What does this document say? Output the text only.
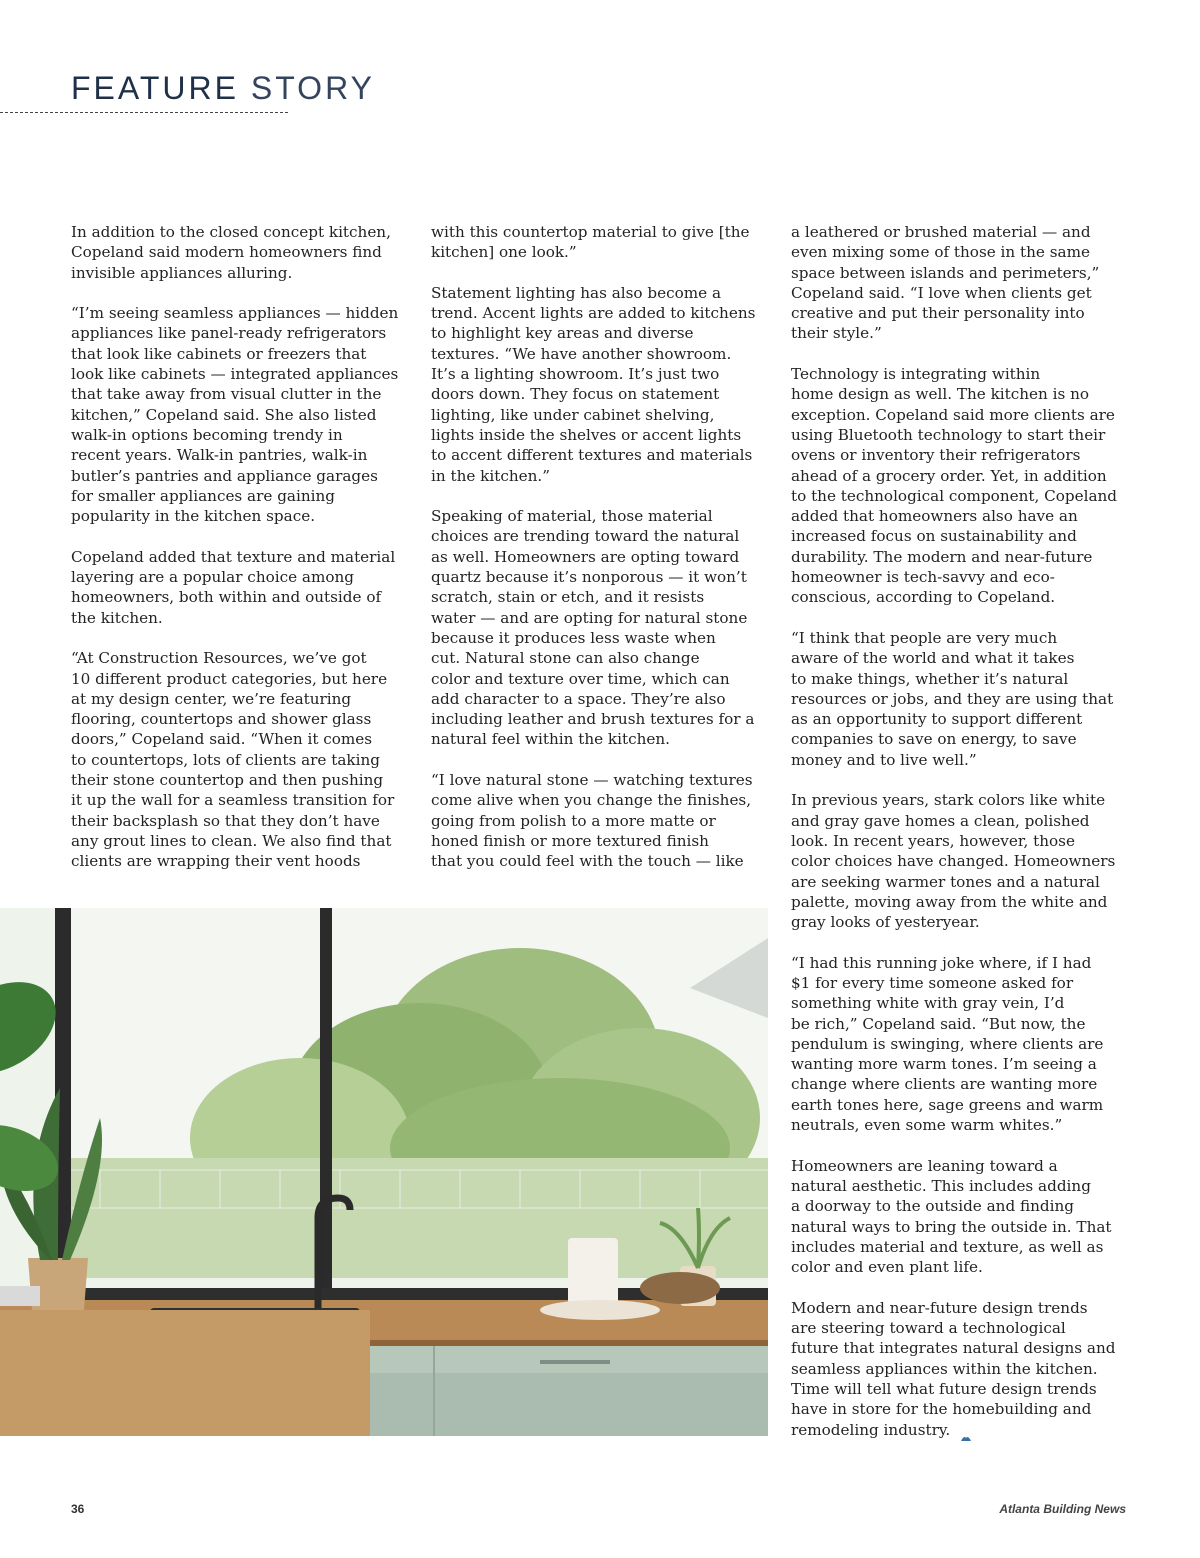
FEATURE STORY

In addition to the closed concept kitchen,
Copeland said modern homeowners find
invisible appliances alluring.

“I’m seeing seamless appliances — hidden
appliances like panel-ready refrigerators
that look like cabinets or freezers that
look like cabinets — integrated appliances
that take away from visual clutter in the
kitchen,” Copeland said. She also listed
walk-in options becoming trendy in
recent years. Walk-in pantries, walk-in
butler’s pantries and appliance garages
for smaller appliances are gaining
popularity in the kitchen space.

Copeland added that texture and material
layering are a popular choice among
homeowners, both within and outside of
the kitchen.

“At Construction Resources, we’ve got
10 different product categories, but here
at my design center, we’re featuring
flooring, countertops and shower glass
doors,” Copeland said. “When it comes
to countertops, lots of clients are taking
their stone countertop and then pushing
it up the wall for a seamless transition for
their backsplash so that they don’t have
any grout lines to clean. We also find that
clients are wrapping their vent hoods

with this countertop material to give [the
kitchen] one look.”

Statement lighting has also become a
trend. Accent lights are added to kitchens
to highlight key areas and diverse
textures. “We have another showroom.
It’s a lighting showroom. It’s just two
doors down. They focus on statement
lighting, like under cabinet shelving,
lights inside the shelves or accent lights
to accent different textures and materials
in the kitchen.”

Speaking of material, those material
choices are trending toward the natural
as well. Homeowners are opting toward
quartz because it’s nonporous — it won’t
scratch, stain or etch, and it resists
water — and are opting for natural stone
because it produces less waste when
cut. Natural stone can also change
color and texture over time, which can
add character to a space. They’re also
including leather and brush textures for a
natural feel within the kitchen.

“I love natural stone — watching textures
come alive when you change the finishes,
going from polish to a more matte or
honed finish or more textured finish
that you could feel with the touch — like

a leathered or brushed material — and
even mixing some of those in the same
space between islands and perimeters,”
Copeland said. “I love when clients get
creative and put their personality into
their style.”

Technology is integrating within
home design as well. The kitchen is no
exception. Copeland said more clients are
using Bluetooth technology to start their
ovens or inventory their refrigerators
ahead of a grocery order. Yet, in addition
to the technological component, Copeland
added that homeowners also have an
increased focus on sustainability and
durability. The modern and near-future
homeowner is tech-savvy and eco-
conscious, according to Copeland.

“I think that people are very much
aware of the world and what it takes
to make things, whether it’s natural
resources or jobs, and they are using that
as an opportunity to support different
companies to save on energy, to save
money and to live well.”

In previous years, stark colors like white
and gray gave homes a clean, polished
look. In recent years, however, those
color choices have changed. Homeowners
are seeking warmer tones and a natural
palette, moving away from the white and
gray looks of yesteryear.

“I had this running joke where, if I had
$1 for every time someone asked for
something white with gray vein, I’d
be rich,” Copeland said. “But now, the
pendulum is swinging, where clients are
wanting more warm tones. I’m seeing a
change where clients are wanting more
earth tones here, sage greens and warm
neutrals, even some warm whites.”

Homeowners are leaning toward a
natural aesthetic. This includes adding
a doorway to the outside and finding
natural ways to bring the outside in. That
includes material and texture, as well as
color and even plant life.

Modern and near-future design trends
are steering toward a technological
future that integrates natural designs and
seamless appliances within the kitchen.
Time will tell what future design trends
have in store for the homebuilding and
remodeling industry.

36	Atlanta Building News
